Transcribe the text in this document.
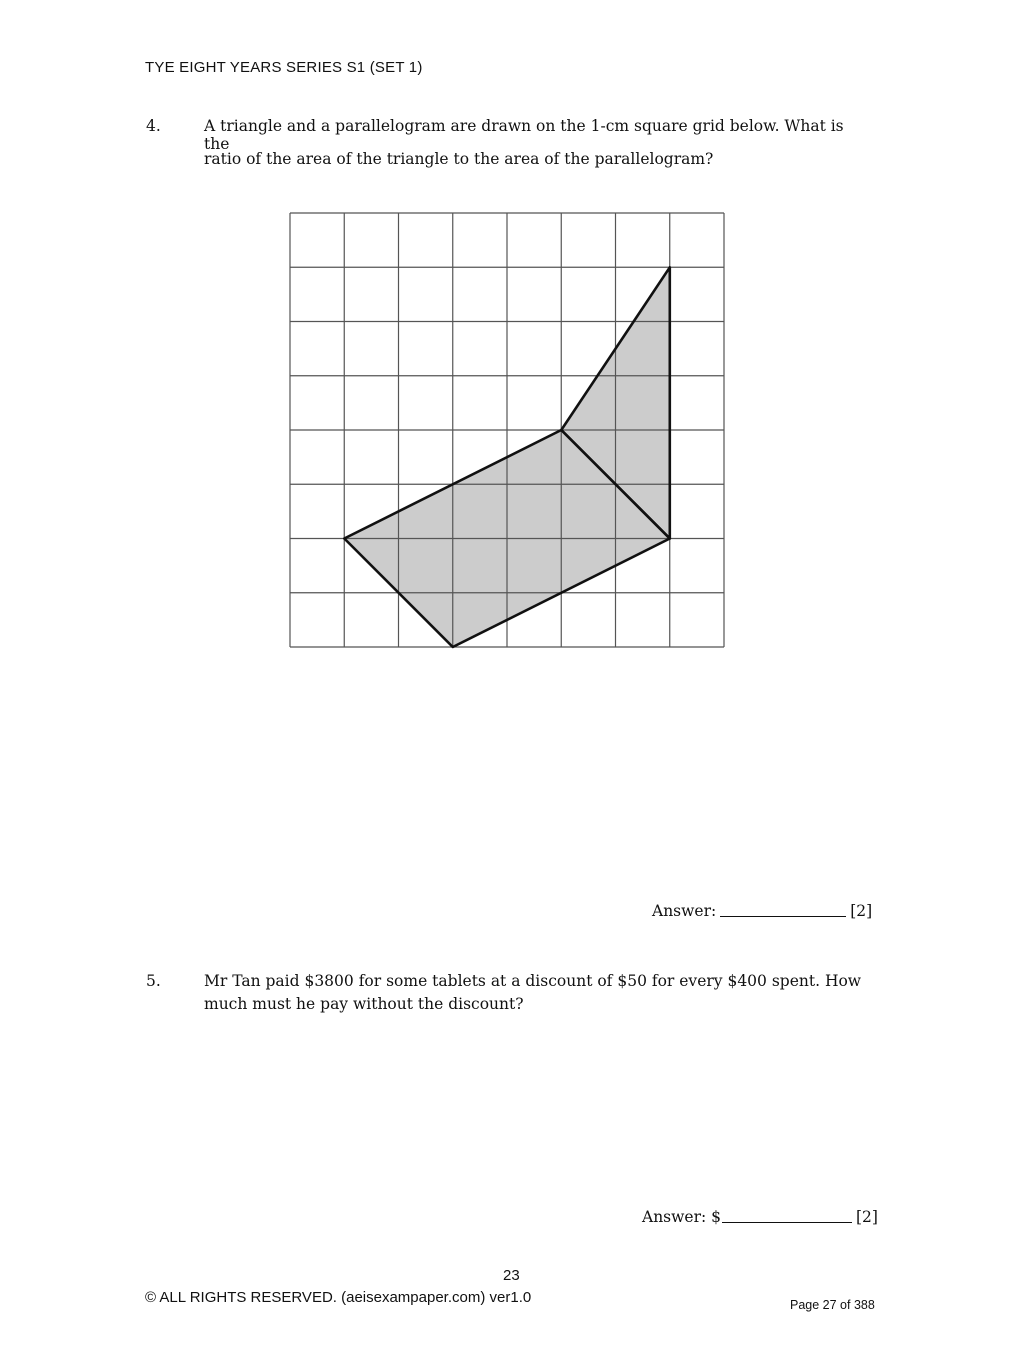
TYE EIGHT YEARS SERIES S1 (SET 1)
4.	A triangle and a parallelogram are drawn on the 1-cm square grid below. What is the
ratio of the area of the triangle to the area of the parallelogram?
Answer:	[2]
5.	Mr Tan paid $3800 for some tablets at a discount of $50 for every $400 spent. How
much must he pay without the discount?
Answer: $	[2]
23
© ALL RIGHTS RESERVED. (aeisexampaper.com) ver1.0	Page 27 of 388
